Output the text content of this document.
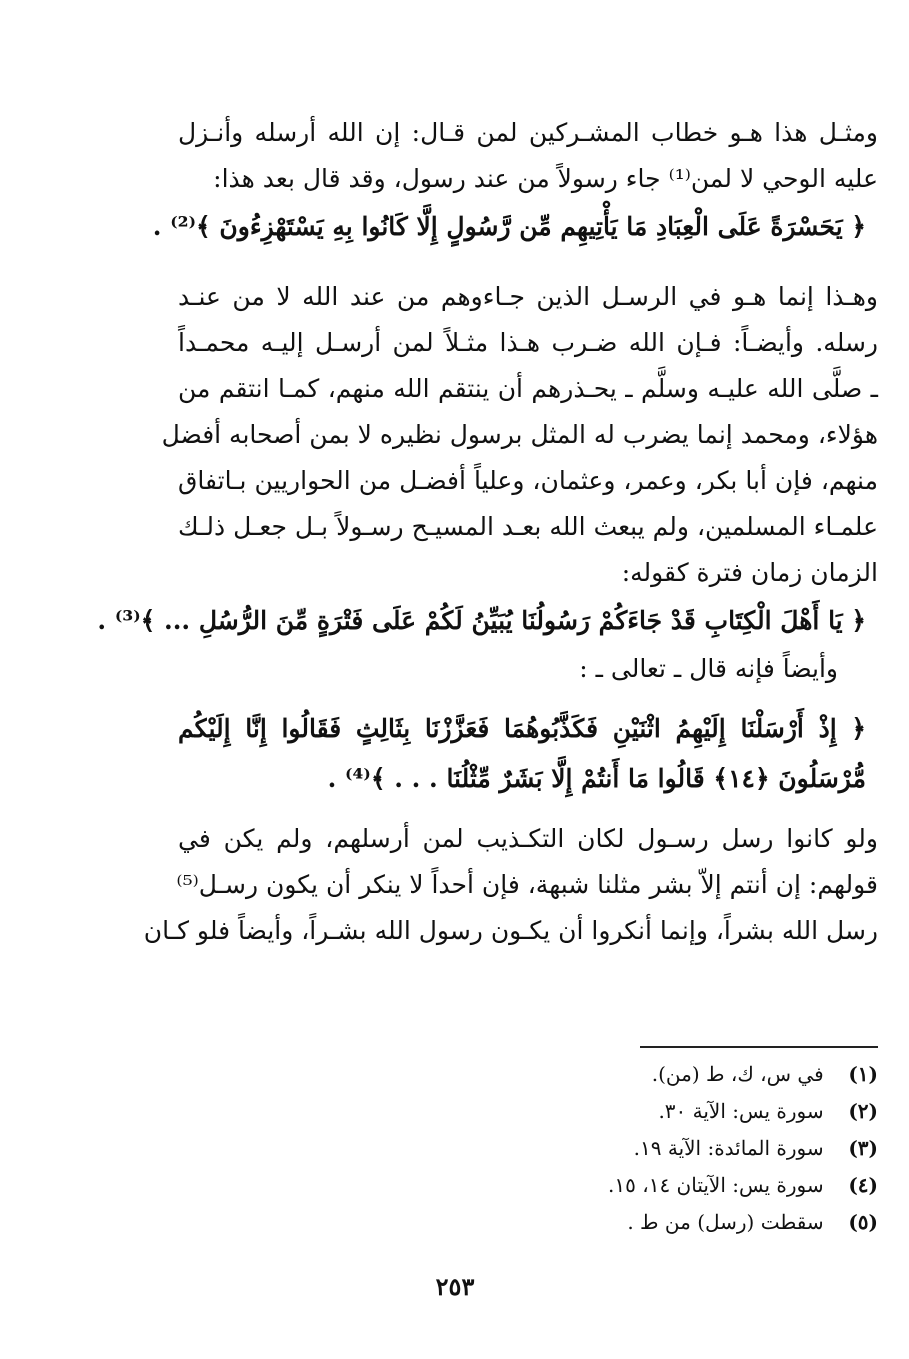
ومثـل هذا هـو خطاب المشـركين لمن قـال: إن الله أرسله وأنـزل
عليه الوحي لا لمن⁽¹⁾ جاء رسولاً من عند رسول، وقد قال بعد هذا:
﴿ يَحَسْرَةً عَلَى الْعِبَادِ مَا يَأْتِيهِم مِّن رَّسُولٍ إِلَّا كَانُوا بِهِ يَسْتَهْزِءُونَ ﴾⁽²⁾ .
وهـذا إنما هـو في الرسـل الذين جـاءوهم من عند الله لا من عنـد
رسله. وأيضـاً: فـإن الله ضـرب هـذا مثـلاً لمن أرسـل إليـه محمـداً
ـ صلَّى الله عليـه وسلَّم ـ يحـذرهم أن ينتقم الله منهم، كمـا انتقم من
هؤلاء، ومحمد إنما يضرب له المثل برسول نظيره لا بمن أصحابه أفضل
منهم، فإن أبا بكر، وعمر، وعثمان، وعلياً أفضـل من الحواريين بـاتفاق
علمـاء المسلمين، ولم يبعث الله بعـد المسيـح رسـولاً بـل جعـل ذلـك
الزمان زمان فترة كقوله:
﴿ يَا أَهْلَ الْكِتَابِ قَدْ جَاءَكُمْ رَسُولُنَا يُبَيِّنُ لَكُمْ عَلَى فَتْرَةٍ مِّنَ الرُّسُلِ ... ﴾⁽³⁾ .
وأيضاً فإنه قال ـ تعالى ـ :
﴿ إِذْ أَرْسَلْنَا إِلَيْهِمُ اثْنَيْنِ فَكَذَّبُوهُمَا فَعَزَّزْنَا بِثَالِثٍ فَقَالُوا إِنَّا إِلَيْكُم
مُّرْسَلُونَ ﴿١٤﴾ قَالُوا مَا أَنتُمْ إِلَّا بَشَرٌ مِّثْلُنَا . . . ﴾⁽⁴⁾ .
ولو كانوا رسل رسـول لكان التكـذيب لمن أرسلهم، ولم يكن في
قولهم: إن أنتم إلاّ بشر مثلنا شبهة، فإن أحداً لا ينكر أن يكون رسـل⁽⁵⁾
رسل الله بشراً، وإنما أنكروا أن يكـون رسول الله بشـراً، وأيضاً فلو كـان
(١) في س، ك، ط (من).
(٢) سورة يس: الآية ٣٠.
(٣) سورة المائدة: الآية ١٩.
(٤) سورة يس: الآيتان ١٤، ١٥.
(٥) سقطت (رسل) من ط .
٢٥٣
